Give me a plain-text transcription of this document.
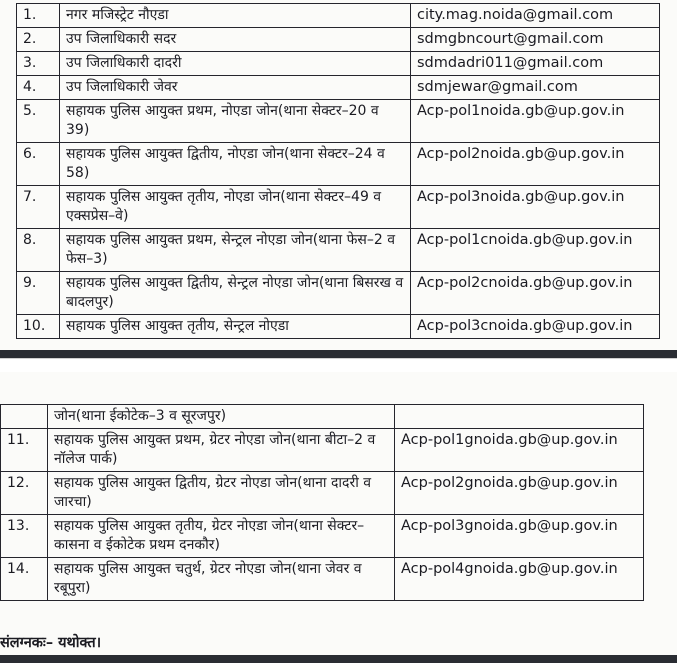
1.	नगर मजिस्ट्रेट नौएडा	city.mag.noida@gmail.com
2.	उप जिलाधिकारी सदर	sdmgbncourt@gmail.com
3.	उप जिलाधिकारी दादरी	sdmdadri011@gmail.com
4.	उप जिलाधिकारी जेवर	sdmjewar@gmail.com
5.	सहायक पुलिस आयुक्त प्रथम, नोएडा जोन(थाना सेक्टर–20 व 39)	Acp-pol1noida.gb@up.gov.in
6.	सहायक पुलिस आयुक्त द्वितीय, नोएडा जोन(थाना सेक्टर–24 व 58)	Acp-pol2noida.gb@up.gov.in
7.	सहायक पुलिस आयुक्त तृतीय, नोएडा जोन(थाना सेक्टर–49 व एक्सप्रेस–वे)	Acp-pol3noida.gb@up.gov.in
8.	सहायक पुलिस आयुक्त प्रथम, सेन्ट्रल नोएडा जोन(थाना फेस–2 व फेस–3)	Acp-pol1cnoida.gb@up.gov.in
9.	सहायक पुलिस आयुक्त द्वितीय, सेन्ट्रल नोएडा जोन(थाना बिसरख व बादलपुर)	Acp-pol2cnoida.gb@up.gov.in
10.	सहायक पुलिस आयुक्त तृतीय, सेन्ट्रल नोएडा	Acp-pol3cnoida.gb@up.gov.in
	जोन(थाना ईकोटेक–3 व सूरजपुर)	
11.	सहायक पुलिस आयुक्त प्रथम, ग्रेटर नोएडा जोन(थाना बीटा–2 व नॉलेज पार्क)	Acp-pol1gnoida.gb@up.gov.in
12.	सहायक पुलिस आयुक्त द्वितीय, ग्रेटर नोएडा जोन(थाना दादरी व जारचा)	Acp-pol2gnoida.gb@up.gov.in
13.	सहायक पुलिस आयुक्त तृतीय, ग्रेटर नोएडा जोन(थाना सेक्टर–कासना व ईकोटेक प्रथम दनकौर)	Acp-pol3gnoida.gb@up.gov.in
14.	सहायक पुलिस आयुक्त चतुर्थ, ग्रेटर नोएडा जोन(थाना जेवर व रबूपुरा)	Acp-pol4gnoida.gb@up.gov.in
संलग्नकः– यथोक्त।
